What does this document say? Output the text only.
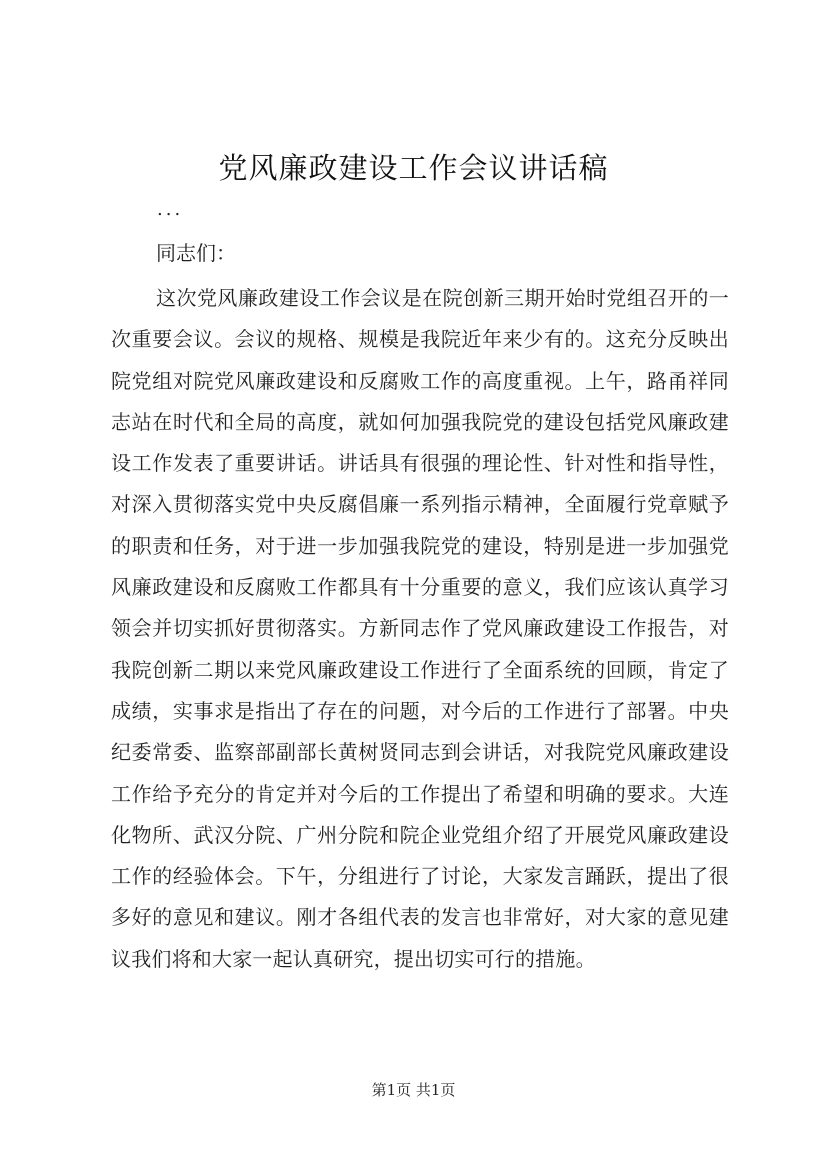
党风廉政建设工作会议讲话稿
...
同志们：

这次党风廉政建设工作会议是在院创新三期开始时党组召开的一次重要会议。会议的规格、规模是我院近年来少有的。这充分反映出院党组对院党风廉政建设和反腐败工作的高度重视。上午，路甬祥同志站在时代和全局的高度，就如何加强我院党的建设包括党风廉政建设工作发表了重要讲话。讲话具有很强的理论性、针对性和指导性，对深入贯彻落实党中央反腐倡廉一系列指示精神，全面履行党章赋予的职责和任务，对于进一步加强我院党的建设，特别是进一步加强党风廉政建设和反腐败工作都具有十分重要的意义，我们应该认真学习领会并切实抓好贯彻落实。方新同志作了党风廉政建设工作报告，对我院创新二期以来党风廉政建设工作进行了全面系统的回顾，肯定了成绩，实事求是指出了存在的问题，对今后的工作进行了部署。中央纪委常委、监察部副部长黄树贤同志到会讲话，对我院党风廉政建设工作给予充分的肯定并对今后的工作提出了希望和明确的要求。大连化物所、武汉分院、广州分院和院企业党组介绍了开展党风廉政建设工作的经验体会。下午，分组进行了讨论，大家发言踊跃，提出了很多好的意见和建议。刚才各组代表的发言也非常好，对大家的意见建议我们将和大家一起认真研究，提出切实可行的措施。

第1页 共1页
